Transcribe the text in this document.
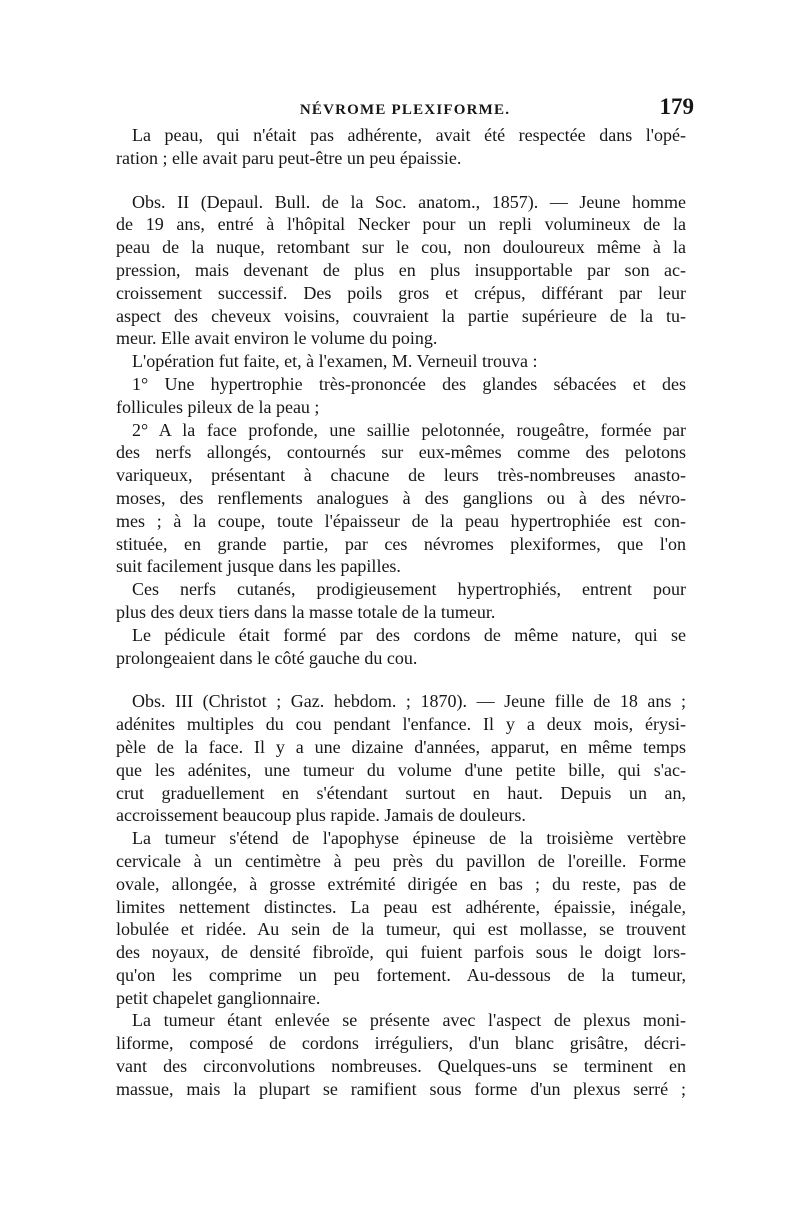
NÉVROME PLEXIFORME.	179
La peau, qui n'était pas adhérente, avait été respectée dans l'opé-
ration ; elle avait paru peut-être un peu épaissie.
Obs. II (Depaul. Bull. de la Soc. anatom., 1857). — Jeune homme
de 19 ans, entré à l'hôpital Necker pour un repli volumineux de la
peau de la nuque, retombant sur le cou, non douloureux même à la
pression, mais devenant de plus en plus insupportable par son ac-
croissement successif. Des poils gros et crépus, différant par leur
aspect des cheveux voisins, couvraient la partie supérieure de la tu-
meur. Elle avait environ le volume du poing.
L'opération fut faite, et, à l'examen, M. Verneuil trouva :
1° Une hypertrophie très-prononcée des glandes sébacées et des
follicules pileux de la peau ;
2° A la face profonde, une saillie pelotonnée, rougeâtre, formée par
des nerfs allongés, contournés sur eux-mêmes comme des pelotons
variqueux, présentant à chacune de leurs très-nombreuses anasto-
moses, des renflements analogues à des ganglions ou à des névro-
mes ; à la coupe, toute l'épaisseur de la peau hypertrophiée est con-
stituée, en grande partie, par ces névromes plexiformes, que l'on
suit facilement jusque dans les papilles.
Ces nerfs cutanés, prodigieusement hypertrophiés, entrent pour
plus des deux tiers dans la masse totale de la tumeur.
Le pédicule était formé par des cordons de même nature, qui se
prolongeaient dans le côté gauche du cou.
Obs. III (Christot ; Gaz. hebdom. ; 1870). — Jeune fille de 18 ans ;
adénites multiples du cou pendant l'enfance. Il y a deux mois, érysi-
pèle de la face. Il y a une dizaine d'années, apparut, en même temps
que les adénites, une tumeur du volume d'une petite bille, qui s'ac-
crut graduellement en s'étendant surtout en haut. Depuis un an,
accroissement beaucoup plus rapide. Jamais de douleurs.
La tumeur s'étend de l'apophyse épineuse de la troisième vertèbre
cervicale à un centimètre à peu près du pavillon de l'oreille. Forme
ovale, allongée, à grosse extrémité dirigée en bas ; du reste, pas de
limites nettement distinctes. La peau est adhérente, épaissie, inégale,
lobulée et ridée. Au sein de la tumeur, qui est mollasse, se trouvent
des noyaux, de densité fibroïde, qui fuient parfois sous le doigt lors-
qu'on les comprime un peu fortement. Au-dessous de la tumeur,
petit chapelet ganglionnaire.
La tumeur étant enlevée se présente avec l'aspect de plexus moni-
liforme, composé de cordons irréguliers, d'un blanc grisâtre, décri-
vant des circonvolutions nombreuses. Quelques-uns se terminent en
massue, mais la plupart se ramifient sous forme d'un plexus serré ;
